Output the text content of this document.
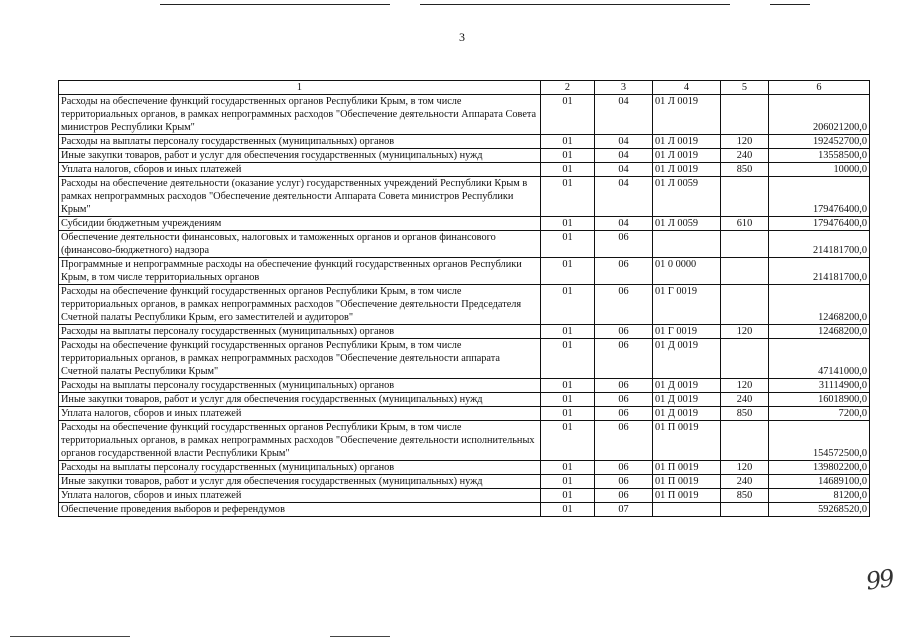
3
1	2	3	4	5	6
Расходы на обеспечение функций государственных органов Республики Крым, в том числе территориальных органов, в рамках непрограммных расходов "Обеспечение деятельности Аппарата Совета министров Республики Крым"	01	04	01 Л 0019		206021200,0
Расходы на выплаты персоналу государственных (муниципальных) органов	01	04	01 Л 0019	120	192452700,0
Иные закупки товаров, работ и услуг для обеспечения государственных (муниципальных) нужд	01	04	01 Л 0019	240	13558500,0
Уплата налогов, сборов и иных платежей	01	04	01 Л 0019	850	10000,0
Расходы на обеспечение деятельности (оказание услуг) государственных учреждений Республики Крым в рамках непрограммных расходов "Обеспечение деятельности Аппарата Совета министров Республики Крым"	01	04	01 Л 0059		179476400,0
Субсидии бюджетным учреждениям	01	04	01 Л 0059	610	179476400,0
Обеспечение деятельности финансовых, налоговых и таможенных органов и органов финансового (финансово-бюджетного) надзора	01	06			214181700,0
Программные и непрограммные расходы на обеспечение функций государственных органов Республики Крым, в том числе территориальных органов	01	06	01 0 0000		214181700,0
Расходы на обеспечение функций государственных органов Республики Крым, в том числе территориальных органов, в рамках непрограммных расходов "Обеспечение деятельности Председателя Счетной палаты Республики Крым, его заместителей и аудиторов"	01	06	01 Г 0019		12468200,0
Расходы на выплаты персоналу государственных (муниципальных) органов	01	06	01 Г 0019	120	12468200,0
Расходы на обеспечение функций государственных органов Республики Крым, в том числе территориальных органов, в рамках непрограммных расходов "Обеспечение деятельности аппарата Счетной палаты Республики Крым"	01	06	01 Д 0019		47141000,0
Расходы на выплаты персоналу государственных (муниципальных) органов	01	06	01 Д 0019	120	31114900,0
Иные закупки товаров, работ и услуг для обеспечения государственных (муниципальных) нужд	01	06	01 Д 0019	240	16018900,0
Уплата налогов, сборов и иных платежей	01	06	01 Д 0019	850	7200,0
Расходы на обеспечение функций государственных органов Республики Крым, в том числе территориальных органов, в рамках непрограммных расходов "Обеспечение деятельности исполнительных органов государственной власти Республики Крым"	01	06	01 П 0019		154572500,0
Расходы на выплаты персоналу государственных (муниципальных) органов	01	06	01 П 0019	120	139802200,0
Иные закупки товаров, работ и услуг для обеспечения государственных (муниципальных) нужд	01	06	01 П 0019	240	14689100,0
Уплата налогов, сборов и иных платежей	01	06	01 П 0019	850	81200,0
Обеспечение проведения выборов и референдумов	01	07			59268520,0
99
